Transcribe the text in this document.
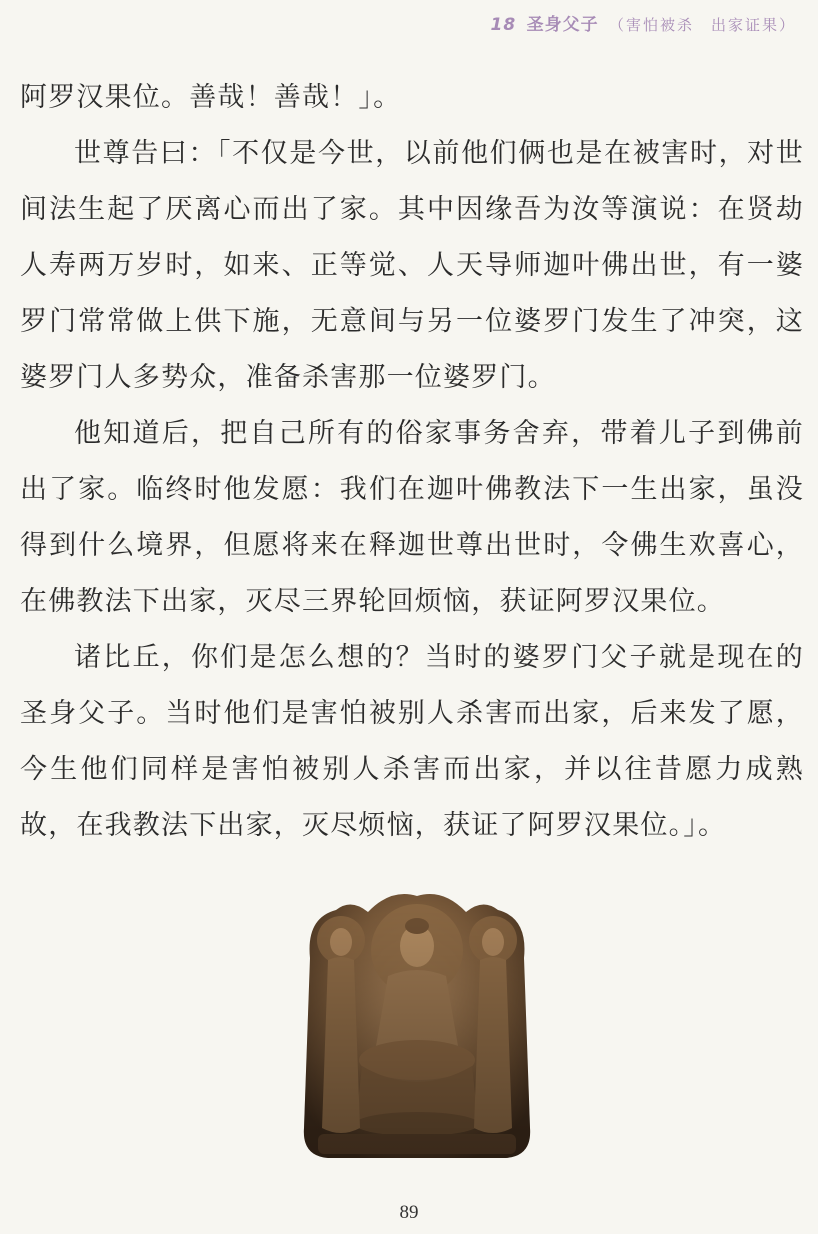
18 圣身父子 （害怕被杀　出家证果）

阿罗汉果位。善哉！善哉！」。

世尊告曰：「不仅是今世，以前他们俩也是在被害时，对世间法生起了厌离心而出了家。其中因缘吾为汝等演说：在贤劫人寿两万岁时，如来、正等觉、人天导师迦叶佛出世，有一婆罗门常常做上供下施，无意间与另一位婆罗门发生了冲突，这婆罗门人多势众，准备杀害那一位婆罗门。

他知道后，把自己所有的俗家事务舍弃，带着儿子到佛前出了家。临终时他发愿：我们在迦叶佛教法下一生出家，虽没得到什么境界，但愿将来在释迦世尊出世时，令佛生欢喜心，在佛教法下出家，灭尽三界轮回烦恼，获证阿罗汉果位。

诸比丘，你们是怎么想的？当时的婆罗门父子就是现在的圣身父子。当时他们是害怕被别人杀害而出家，后来发了愿，今生他们同样是害怕被别人杀害而出家，并以往昔愿力成熟故，在我教法下出家，灭尽烦恼，获证了阿罗汉果位。」。

89
